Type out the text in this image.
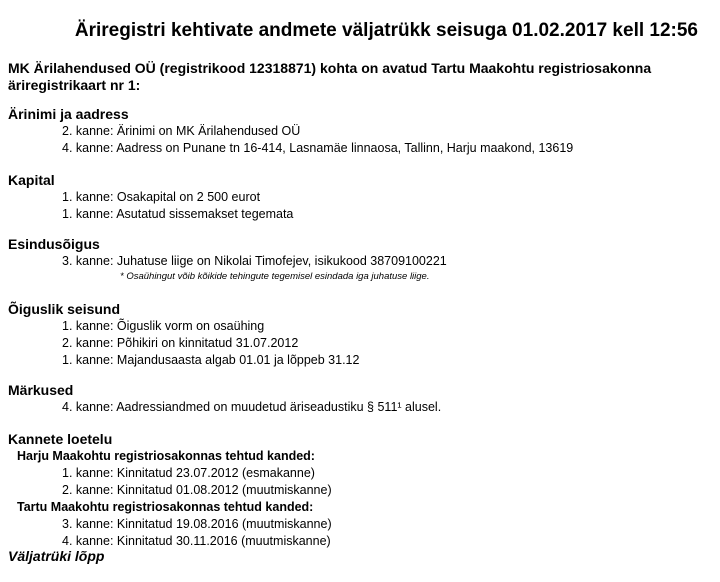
Äriregistri kehtivate andmete väljatrükk seisuga 01.02.2017 kell 12:56
MK Ärilahendused OÜ (registrikood 12318871) kohta on avatud Tartu Maakohtu registriosakonna äriregistrikaart nr 1:
Ärinimi ja aadress
2. kanne: Ärinimi on MK Ärilahendused OÜ
4. kanne: Aadress on Punane tn 16-414, Lasnamäe linnaosa, Tallinn, Harju maakond, 13619
Kapital
1. kanne: Osakapital on 2 500 eurot
1. kanne: Asutatud sissemakset tegemata
Esindusõigus
3. kanne: Juhatuse liige on Nikolai Timofejev, isikukood 38709100221
* Osaühingut võib kõikide tehingute tegemisel esindada iga juhatuse liige.
Õiguslik seisund
1. kanne: Õiguslik vorm on osaühing
2. kanne: Põhikiri on kinnitatud 31.07.2012
1. kanne: Majandusaasta algab 01.01 ja lõppeb 31.12
Märkused
4. kanne: Aadressiandmed on muudetud äriseadustiku § 511¹ alusel.
Kannete loetelu
Harju Maakohtu registriosakonnas tehtud kanded:
1. kanne: Kinnitatud 23.07.2012 (esmakanne)
2. kanne: Kinnitatud 01.08.2012 (muutmiskanne)
Tartu Maakohtu registriosakonnas tehtud kanded:
3. kanne: Kinnitatud 19.08.2016 (muutmiskanne)
4. kanne: Kinnitatud 30.11.2016 (muutmiskanne)
Väljatrüki lõpp
